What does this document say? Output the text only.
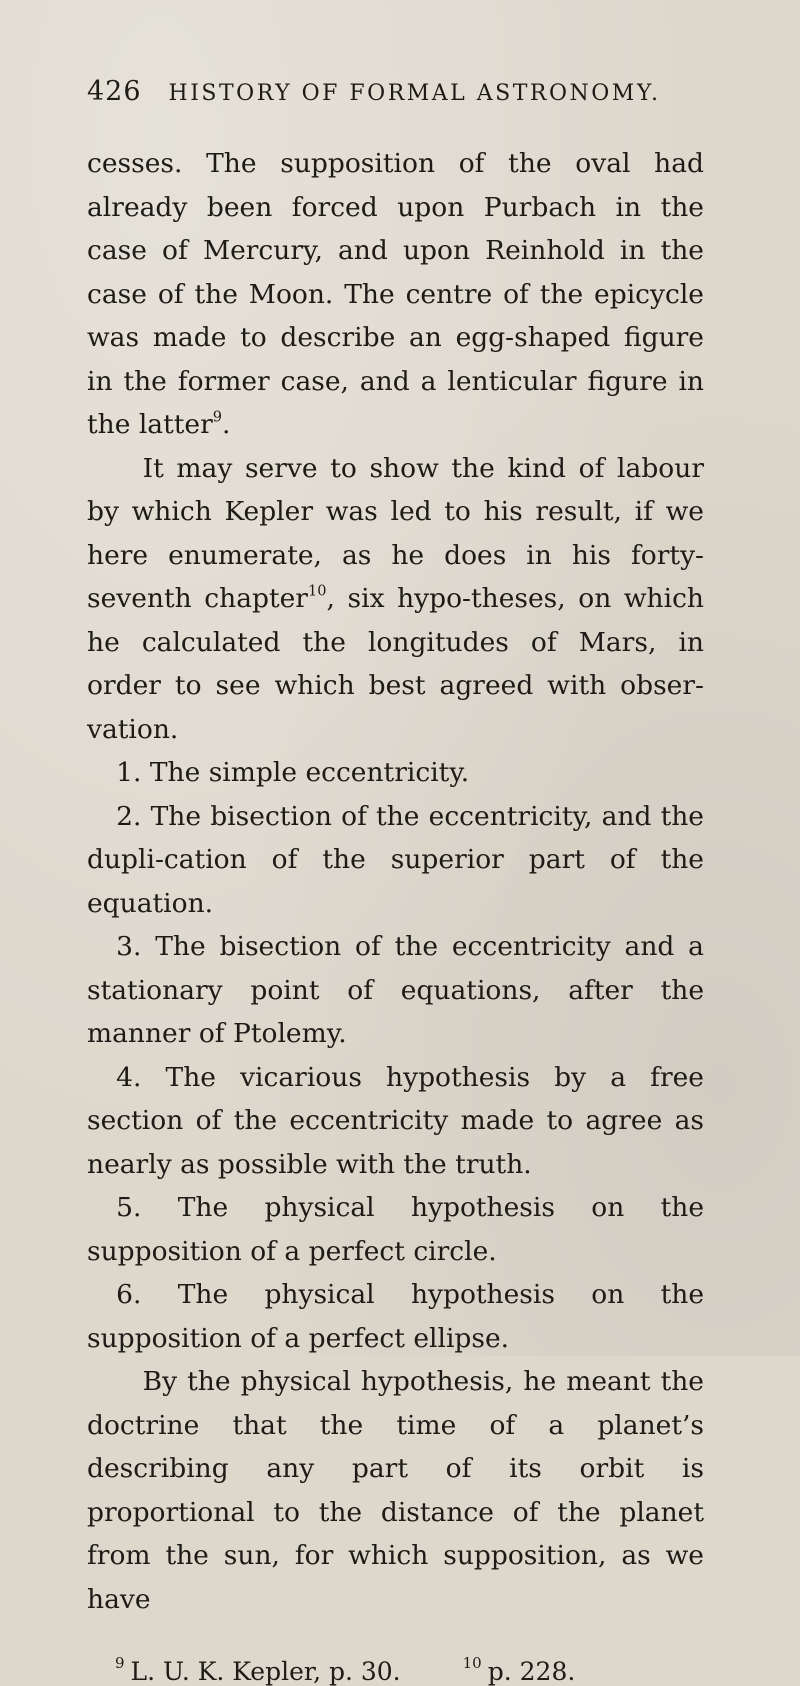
426 HISTORY OF FORMAL ASTRONOMY.

cesses. The supposition of the oval had already been forced upon Purbach in the case of Mercury, and upon Reinhold in the case of the Moon. The centre of the epicycle was made to describe an egg-shaped figure in the former case, and a lenticular figure in the latter$^9$.

It may serve to show the kind of labour by which Kepler was led to his result, if we here enumerate, as he does in his forty-seventh chapter$^{10}$, six hypo-theses, on which he calculated the longitudes of Mars, in order to see which best agreed with obser-vation.

1. The simple eccentricity.

2. The bisection of the eccentricity, and the dupli-cation of the superior part of the equation.

3. The bisection of the eccentricity and a stationary point of equations, after the manner of Ptolemy.

4. The vicarious hypothesis by a free section of the eccentricity made to agree as nearly as possible with the truth.

5. The physical hypothesis on the supposition of a perfect circle.

6. The physical hypothesis on the supposition of a perfect ellipse.

By the physical hypothesis, he meant the doctrine that the time of a planet’s describing any part of its orbit is proportional to the distance of the planet from the sun, for which supposition, as we have

$^9$ L. U. K. Kepler, p. 30.	$^{10}$ p. 228.
